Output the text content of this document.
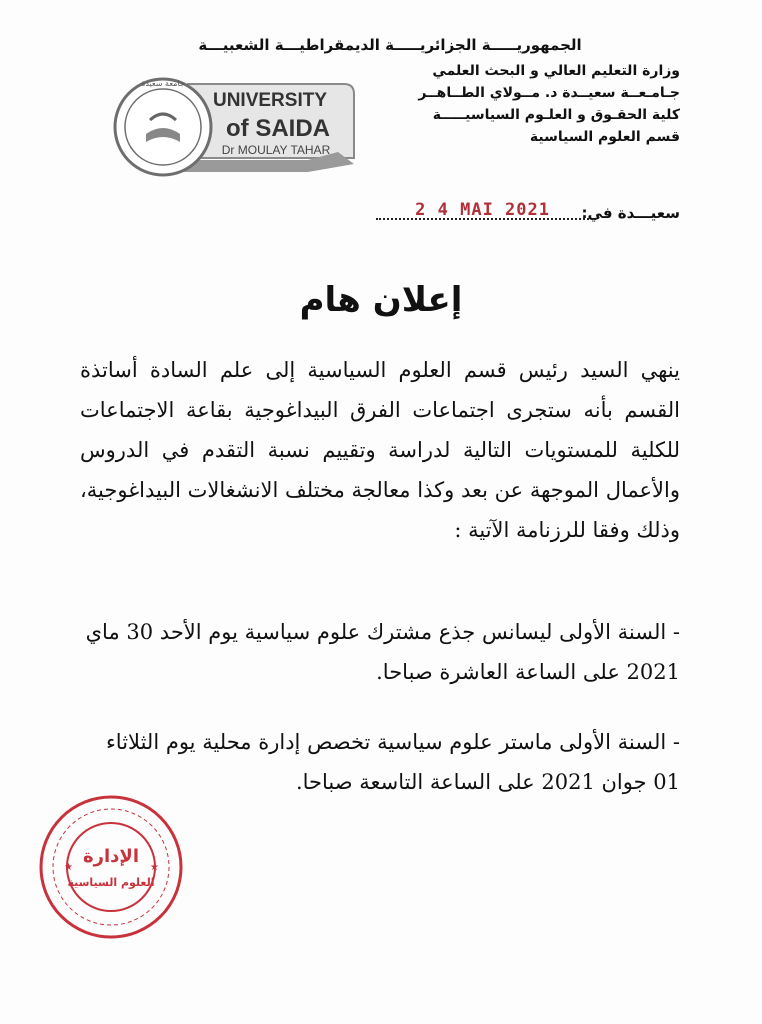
الجمهوريـــــة الجزائريـــــة الديمقراطيـــة الشعبيـــة
وزارة التعليم العالي و البحث العلمي
جـامـعــة سعيــدة د. مــولاي الطــاهــر
كلية الحقـوق و العلـوم السياسيـــــة
قسم العلوم السياسية
جامعة سعيدة
UNIVERSITY
of SAIDA
Dr MOULAY TAHAR
سعيـــدة في:
2 4 MAI 2021
إعلان هام
ينهي السيد رئيس قسم العلوم السياسية إلى علم السادة أساتذة القسم بأنه ستجرى اجتماعات الفرق البيداغوجية بقاعة الاجتماعات للكلية للمستويات التالية لدراسة وتقييم نسبة التقدم في الدروس والأعمال الموجهة عن بعد وكذا معالجة مختلف الانشغالات البيداغوجية، وذلك وفقا للرزنامة الآتية :
- السنة الأولى ليسانس جذع مشترك علوم سياسية يوم الأحد 30 ماي 2021 على الساعة العاشرة صباحا.
- السنة الأولى ماستر علوم سياسية تخصص إدارة محلية يوم الثلاثاء 01 جوان 2021 على الساعة التاسعة صباحا.
الإدارة
العلوم السياسية
★	★
